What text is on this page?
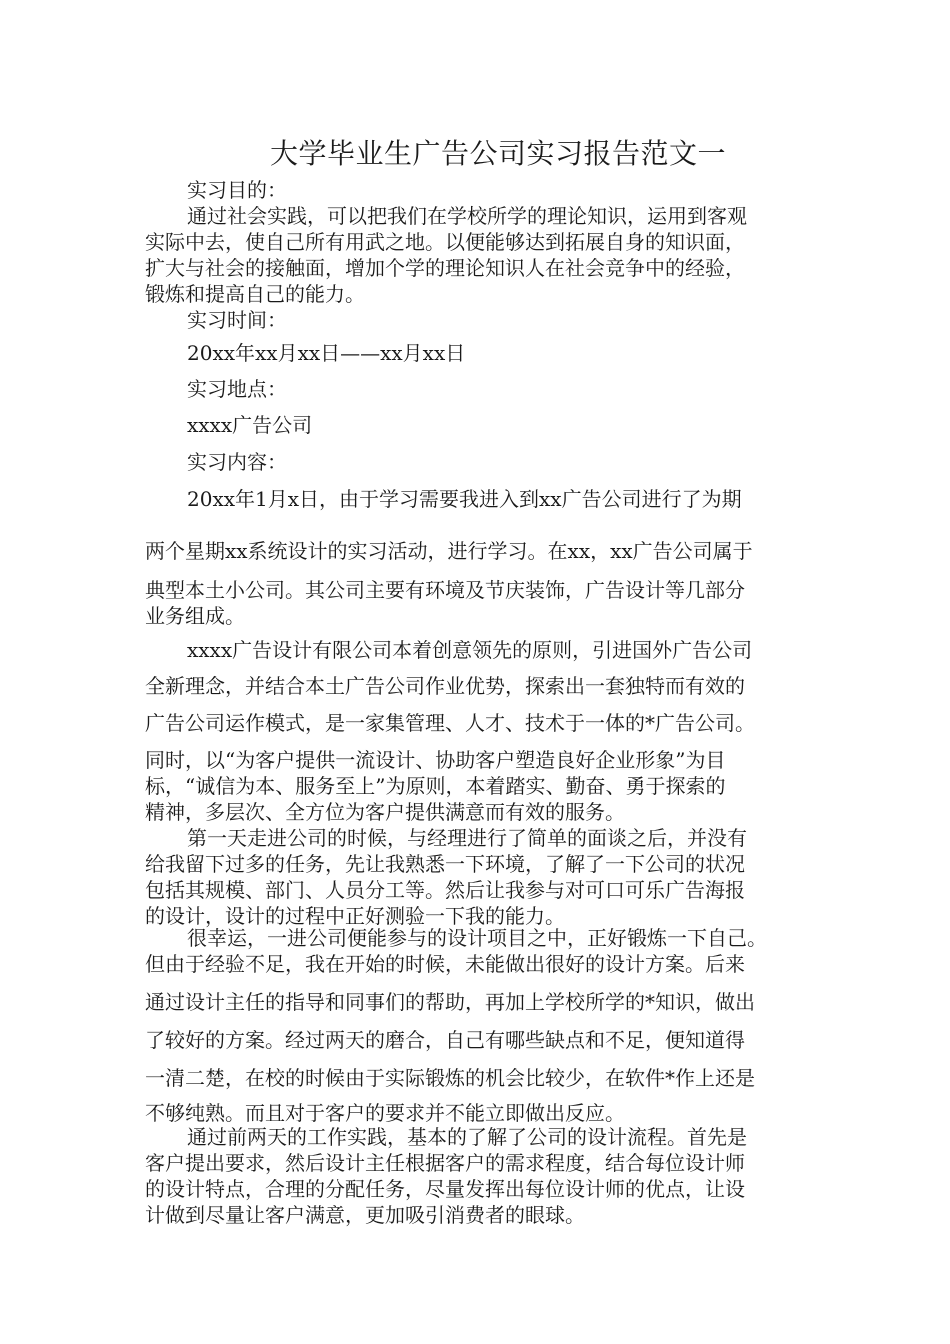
大学毕业生广告公司实习报告范文一
实习目的：
通过社会实践，可以把我们在学校所学的理论知识，运用到客观
实际中去，使自己所有用武之地。以便能够达到拓展自身的知识面，
扩大与社会的接触面，增加个学的理论知识人在社会竞争中的经验，
锻炼和提高自己的能力。
实习时间：
20xx年xx月xx日——xx月xx日
实习地点：
xxxx广告公司
实习内容：
20xx年1月x日，由于学习需要我进入到xx广告公司进行了为期
两个星期xx系统设计的实习活动，进行学习。在xx，xx广告公司属于
典型本土小公司。其公司主要有环境及节庆装饰，广告设计等几部分
业务组成。
xxxx广告设计有限公司本着创意领先的原则，引进国外广告公司
全新理念，并结合本土广告公司作业优势，探索出一套独特而有效的
广告公司运作模式，是一家集管理、人才、技术于一体的*广告公司。
同时，以“为客户提供一流设计、协助客户塑造良好企业形象”为目
标，“诚信为本、服务至上”为原则，本着踏实、勤奋、勇于探索的
精神，多层次、全方位为客户提供满意而有效的服务。
第一天走进公司的时候，与经理进行了简单的面谈之后，并没有
给我留下过多的任务，先让我熟悉一下环境，了解了一下公司的状况
包括其规模、部门、人员分工等。然后让我参与对可口可乐广告海报
的设计，设计的过程中正好测验一下我的能力。
很幸运，一进公司便能参与的设计项目之中，正好锻炼一下自己。
但由于经验不足，我在开始的时候，未能做出很好的设计方案。后来
通过设计主任的指导和同事们的帮助，再加上学校所学的*知识，做出
了较好的方案。经过两天的磨合，自己有哪些缺点和不足，便知道得
一清二楚，在校的时候由于实际锻炼的机会比较少，在软件*作上还是
不够纯熟。而且对于客户的要求并不能立即做出反应。
通过前两天的工作实践，基本的了解了公司的设计流程。首先是
客户提出要求，然后设计主任根据客户的需求程度，结合每位设计师
的设计特点，合理的分配任务，尽量发挥出每位设计师的优点，让设
计做到尽量让客户满意，更加吸引消费者的眼球。
